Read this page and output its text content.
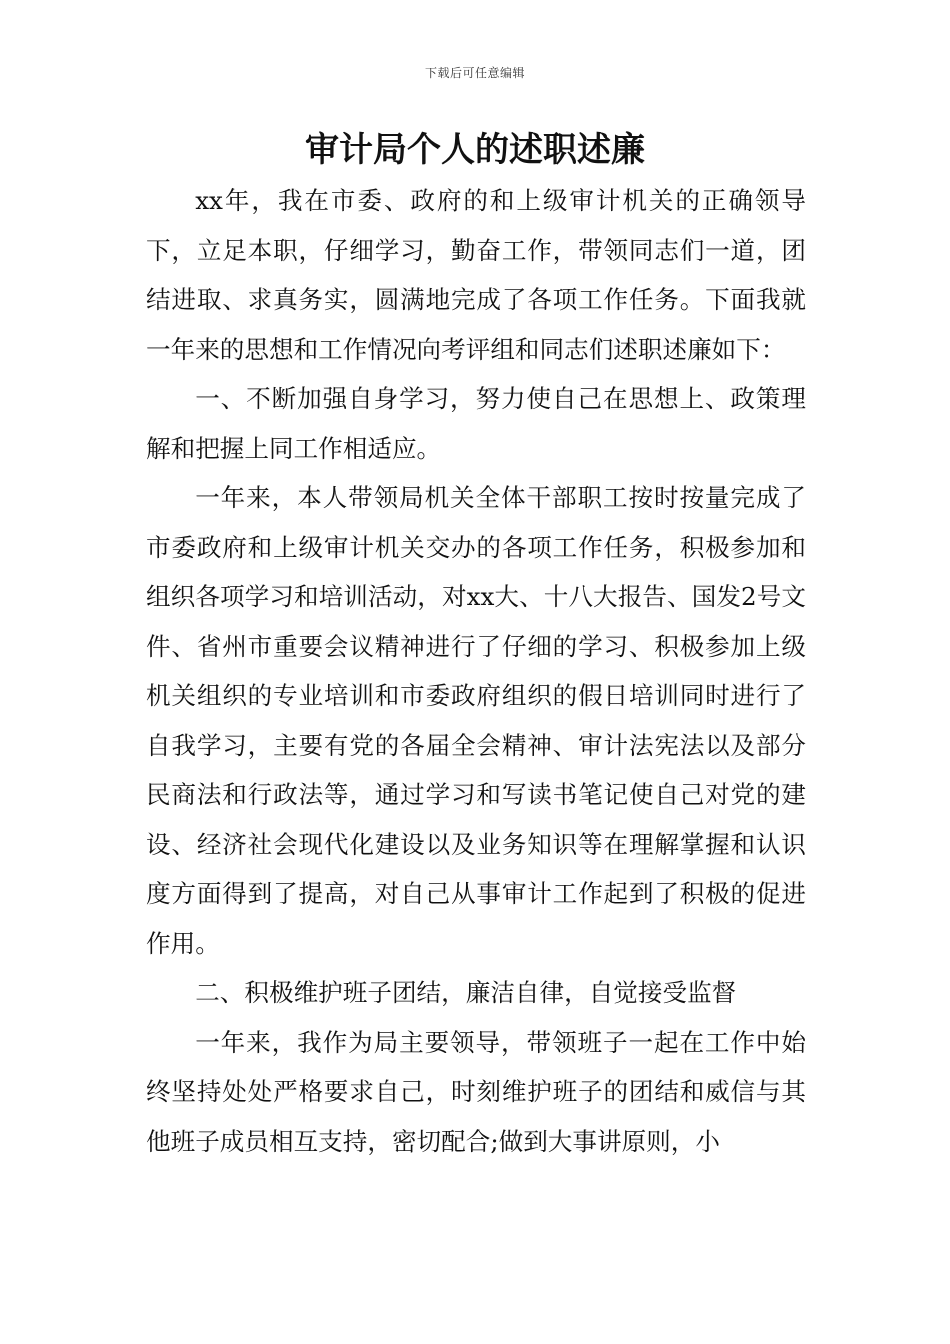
下载后可任意编辑
审计局个人的述职述廉

xx年，我在市委、政府的和上级审计机关的正确领导下，立足本职，仔细学习，勤奋工作，带领同志们一道，团结进取、求真务实，圆满地完成了各项工作任务。下面我就一年来的思想和工作情况向考评组和同志们述职述廉如下：

一、不断加强自身学习，努力使自己在思想上、政策理解和把握上同工作相适应。

一年来，本人带领局机关全体干部职工按时按量完成了市委政府和上级审计机关交办的各项工作任务，积极参加和组织各项学习和培训活动，对xx大、十八大报告、国发2号文件、省州市重要会议精神进行了仔细的学习、积极参加上级机关组织的专业培训和市委政府组织的假日培训同时进行了自我学习，主要有党的各届全会精神、审计法宪法以及部分民商法和行政法等，通过学习和写读书笔记使自己对党的建设、经济社会现代化建设以及业务知识等在理解掌握和认识度方面得到了提高，对自己从事审计工作起到了积极的促进作用。

二、积极维护班子团结，廉洁自律，自觉接受监督

一年来，我作为局主要领导，带领班子一起在工作中始终坚持处处严格要求自己，时刻维护班子的团结和威信与其他班子成员相互支持，密切配合;做到大事讲原则，小
